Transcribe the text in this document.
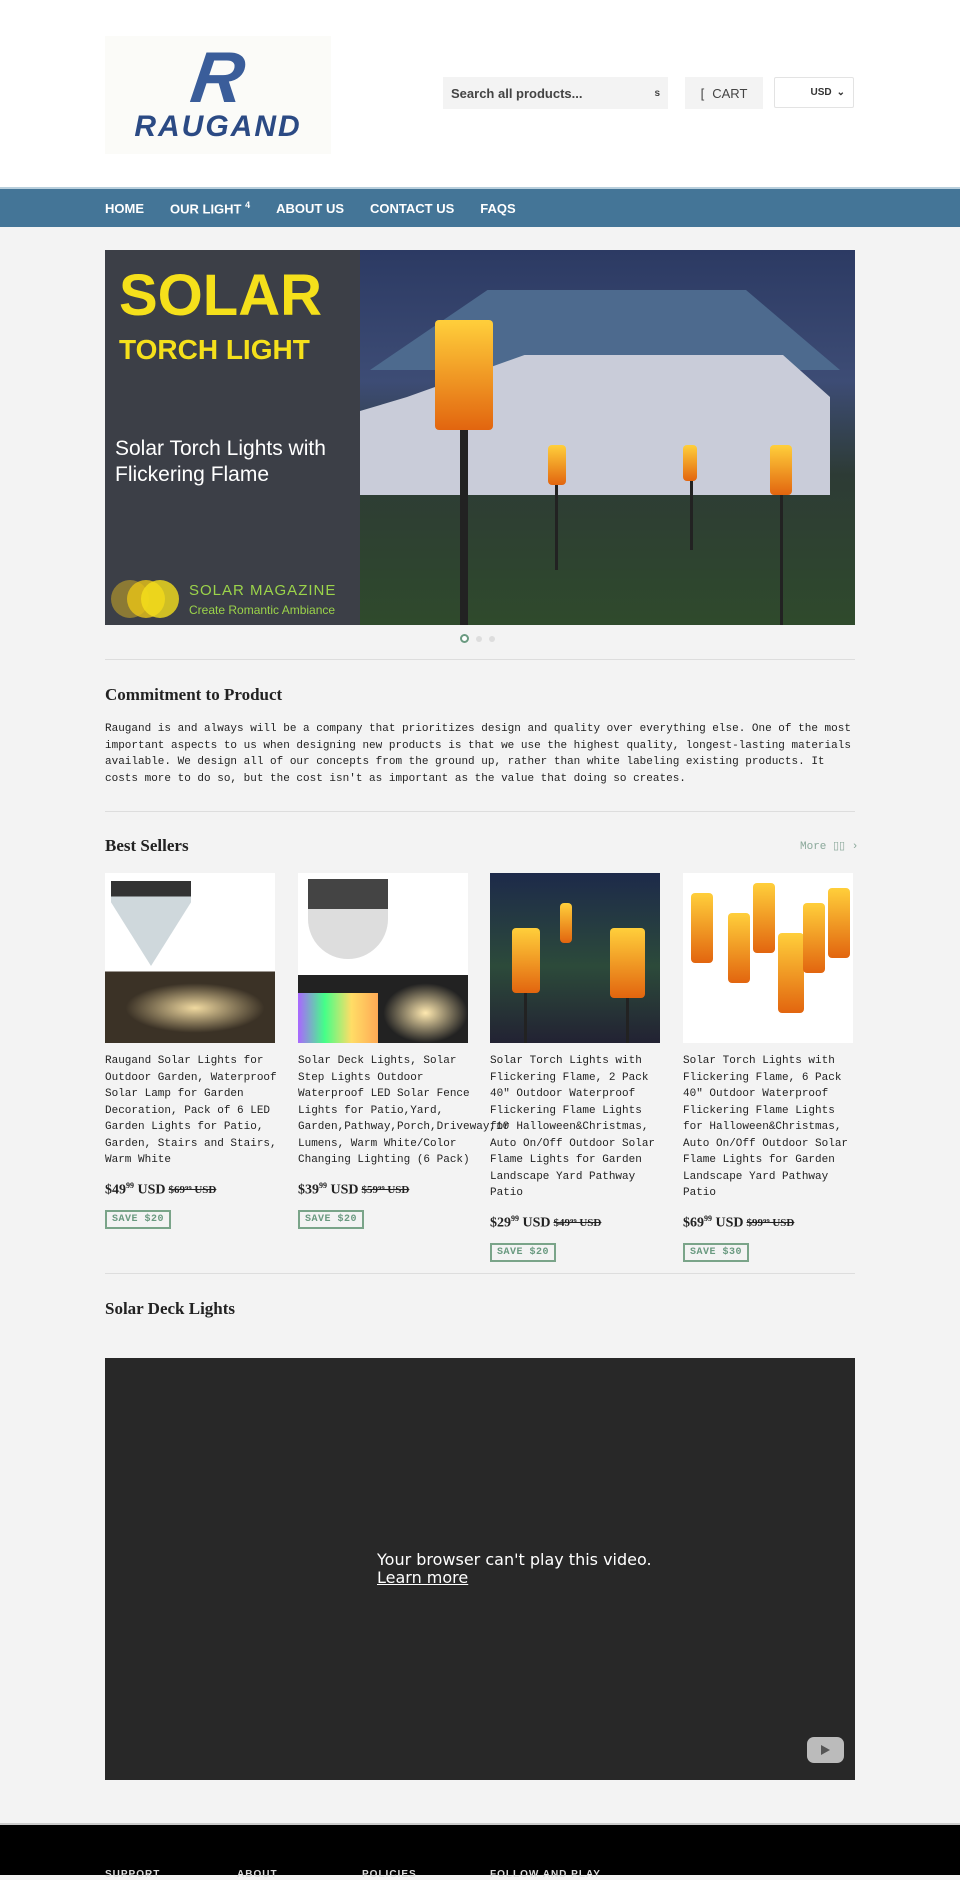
R
RAUGAND
Search all products...	s	[ CART	USD ⌄
HOME OUR LIGHT $^4$ ABOUT US CONTACT US FAQS
SOLAR
TORCH LIGHT
Solar Torch Lights with Flickering Flame
SOLAR MAGAZINE
Create Romantic Ambiance
Commitment to Product
Raugand is and always will be a company that prioritizes design and quality over everything else. One of the most important aspects to us when designing new products is that we use the highest quality, longest-lasting materials available. We design all of our concepts from the ground up, rather than white labeling existing products. It costs more to do so, but the cost isn't as important as the value that doing so creates.
Best Sellers	More ▯▯ ›
Raugand Solar Lights for Outdoor Garden, Waterproof Solar Lamp for Garden Decoration, Pack of 6 LED Garden Lights for Patio, Garden, Stairs and Stairs, Warm White
$\$49^{99}$ USD $69⁹⁹ USD
SAVE $20
Solar Deck Lights, Solar Step Lights Outdoor Waterproof LED Solar Fence Lights for Patio,Yard, Garden,Pathway,Porch,Driveway,10 Lumens, Warm White/Color Changing Lighting (6 Pack)
$\$39^{99}$ USD $59⁹⁹ USD
SAVE $20
Solar Torch Lights with Flickering Flame, 2 Pack 40" Outdoor Waterproof Flickering Flame Lights for Halloween&Christmas, Auto On/Off Outdoor Solar Flame Lights for Garden Landscape Yard Pathway Patio
$\$29^{99}$ USD $49⁹⁹ USD
SAVE $20
Solar Torch Lights with Flickering Flame, 6 Pack 40" Outdoor Waterproof Flickering Flame Lights for Halloween&Christmas, Auto On/Off Outdoor Solar Flame Lights for Garden Landscape Yard Pathway Patio
$\$69^{99}$ USD $99⁹⁹ USD
SAVE $30
Solar Deck Lights
Your browser can't play this video.
Learn more
SUPPORT	ABOUT	POLICIES	FOLLOW AND PLAY
